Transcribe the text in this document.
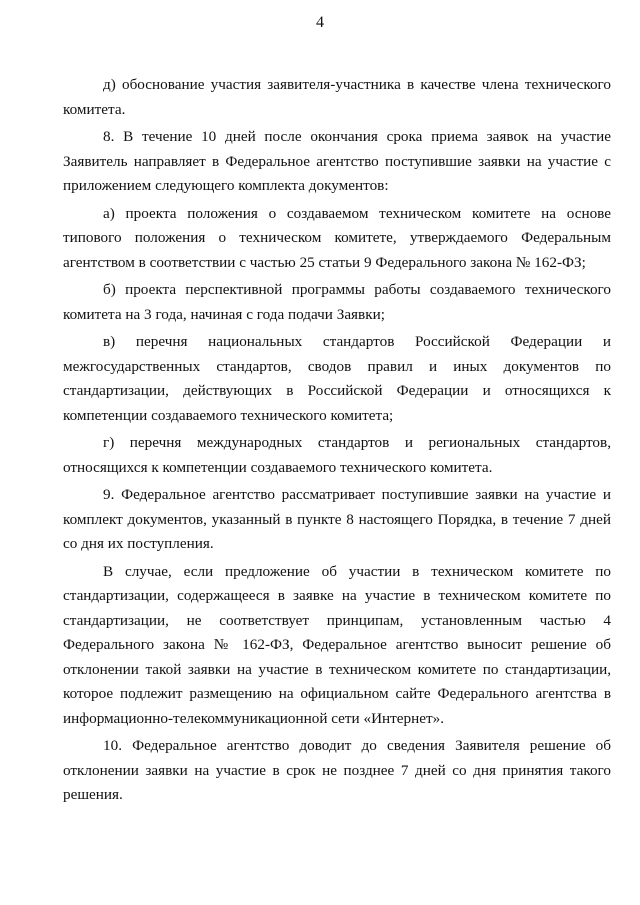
4

д) обоснование участия заявителя-участника в качестве члена технического комитета.

8. В течение 10 дней после окончания срока приема заявок на участие Заявитель направляет в Федеральное агентство поступившие заявки на участие с приложением следующего комплекта документов:

а) проекта положения о создаваемом техническом комитете на основе типового положения о техническом комитете, утверждаемого Федеральным агентством в соответствии с частью 25 статьи 9 Федерального закона № 162-ФЗ;

б) проекта перспективной программы работы создаваемого технического комитета на 3 года, начиная с года подачи Заявки;

в) перечня национальных стандартов Российской Федерации и межгосударственных стандартов, сводов правил и иных документов по стандартизации, действующих в Российской Федерации и относящихся к компетенции создаваемого технического комитета;

г) перечня международных стандартов и региональных стандартов, относящихся к компетенции создаваемого технического комитета.

9. Федеральное агентство рассматривает поступившие заявки на участие и комплект документов, указанный в пункте 8 настоящего Порядка, в течение 7 дней со дня их поступления.

В случае, если предложение об участии в техническом комитете по стандартизации, содержащееся в заявке на участие в техническом комитете по стандартизации, не соответствует принципам, установленным частью 4 Федерального закона № 162-ФЗ, Федеральное агентство выносит решение об отклонении такой заявки на участие в техническом комитете по стандартизации, которое подлежит размещению на официальном сайте Федерального агентства в информационно-телекоммуникационной сети «Интернет».

10. Федеральное агентство доводит до сведения Заявителя решение об отклонении заявки на участие в срок не позднее 7 дней со дня принятия такого решения.
